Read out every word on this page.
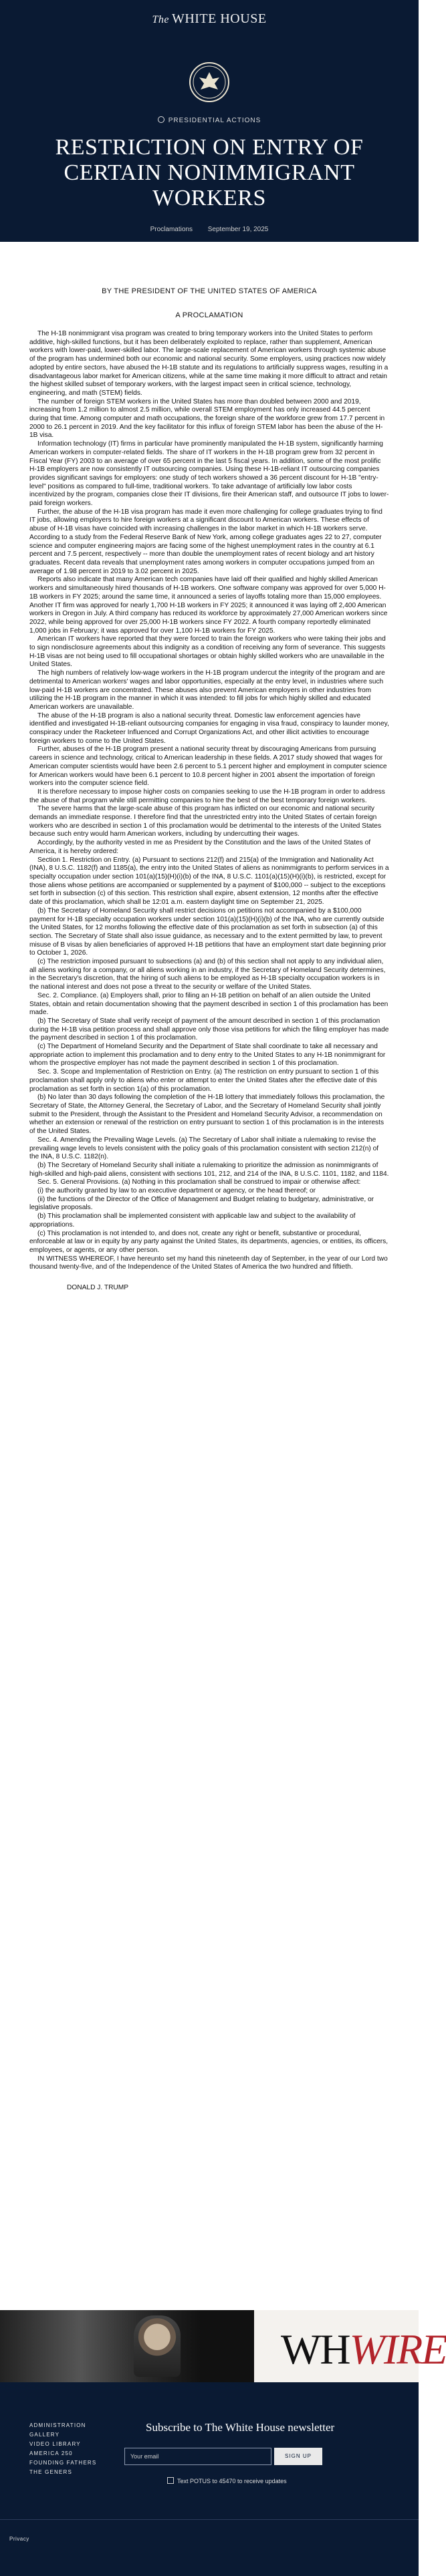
The WHITE HOUSE
PRESIDENTIAL ACTIONS
RESTRICTION ON ENTRY OF
CERTAIN NONIMMIGRANT WORKERS
Proclamations September 19, 2025
BY THE PRESIDENT OF THE UNITED STATES OF AMERICA
A PROCLAMATION

The H-1B nonimmigrant visa program was created to bring temporary workers into the United States to perform additive, high-skilled functions, but it has been deliberately exploited to replace, rather than supplement, American workers with lower-paid, lower-skilled labor. The large-scale replacement of American workers through systemic abuse of the program has undermined both our economic and national security. Some employers, using practices now widely adopted by entire sectors, have abused the H-1B statute and its regulations to artificially suppress wages, resulting in a disadvantageous labor market for American citizens, while at the same time making it more difficult to attract and retain the highest skilled subset of temporary workers, with the largest impact seen in critical science, technology, engineering, and math (STEM) fields.

The number of foreign STEM workers in the United States has more than doubled between 2000 and 2019, increasing from 1.2 million to almost 2.5 million, while overall STEM employment has only increased 44.5 percent during that time. Among computer and math occupations, the foreign share of the workforce grew from 17.7 percent in 2000 to 26.1 percent in 2019. And the key facilitator for this influx of foreign STEM labor has been the abuse of the H-1B visa.

Information technology (IT) firms in particular have prominently manipulated the H-1B system, significantly harming American workers in computer-related fields. The share of IT workers in the H-1B program grew from 32 percent in Fiscal Year (FY) 2003 to an average of over 65 percent in the last 5 fiscal years. In addition, some of the most prolific H-1B employers are now consistently IT outsourcing companies. Using these H-1B-reliant IT outsourcing companies provides significant savings for employers: one study of tech workers showed a 36 percent discount for H-1B "entry-level" positions as compared to full-time, traditional workers. To take advantage of artificially low labor costs incentivized by the program, companies close their IT divisions, fire their American staff, and outsource IT jobs to lower-paid foreign workers.

Further, the abuse of the H-1B visa program has made it even more challenging for college graduates trying to find IT jobs, allowing employers to hire foreign workers at a significant discount to American workers. These effects of abuse of H-1B visas have coincided with increasing challenges in the labor market in which H-1B workers serve. According to a study from the Federal Reserve Bank of New York, among college graduates ages 22 to 27, computer science and computer engineering majors are facing some of the highest unemployment rates in the country at 6.1 percent and 7.5 percent, respectively -- more than double the unemployment rates of recent biology and art history graduates. Recent data reveals that unemployment rates among workers in computer occupations jumped from an average of 1.98 percent in 2019 to 3.02 percent in 2025.

Reports also indicate that many American tech companies have laid off their qualified and highly skilled American workers and simultaneously hired thousands of H-1B workers. One software company was approved for over 5,000 H-1B workers in FY 2025; around the same time, it announced a series of layoffs totaling more than 15,000 employees. Another IT firm was approved for nearly 1,700 H-1B workers in FY 2025; it announced it was laying off 2,400 American workers in Oregon in July. A third company has reduced its workforce by approximately 27,000 American workers since 2022, while being approved for over 25,000 H-1B workers since FY 2022. A fourth company reportedly eliminated 1,000 jobs in February; it was approved for over 1,100 H-1B workers for FY 2025.

American IT workers have reported that they were forced to train the foreign workers who were taking their jobs and to sign nondisclosure agreements about this indignity as a condition of receiving any form of severance. This suggests H-1B visas are not being used to fill occupational shortages or obtain highly skilled workers who are unavailable in the United States.

The high numbers of relatively low-wage workers in the H-1B program undercut the integrity of the program and are detrimental to American workers' wages and labor opportunities, especially at the entry level, in industries where such low-paid H-1B workers are concentrated. These abuses also prevent American employers in other industries from utilizing the H-1B program in the manner in which it was intended: to fill jobs for which highly skilled and educated American workers are unavailable.

The abuse of the H-1B program is also a national security threat. Domestic law enforcement agencies have identified and investigated H-1B-reliant outsourcing companies for engaging in visa fraud, conspiracy to launder money, conspiracy under the Racketeer Influenced and Corrupt Organizations Act, and other illicit activities to encourage foreign workers to come to the United States.

Further, abuses of the H-1B program present a national security threat by discouraging Americans from pursuing careers in science and technology, critical to American leadership in these fields. A 2017 study showed that wages for American computer scientists would have been 2.6 percent to 5.1 percent higher and employment in computer science for American workers would have been 6.1 percent to 10.8 percent higher in 2001 absent the importation of foreign workers into the computer science field.

It is therefore necessary to impose higher costs on companies seeking to use the H-1B program in order to address the abuse of that program while still permitting companies to hire the best of the best temporary foreign workers.

The severe harms that the large-scale abuse of this program has inflicted on our economic and national security demands an immediate response. I therefore find that the unrestricted entry into the United States of certain foreign workers who are described in section 1 of this proclamation would be detrimental to the interests of the United States because such entry would harm American workers, including by undercutting their wages.

Accordingly, by the authority vested in me as President by the Constitution and the laws of the United States of America, it is hereby ordered:

Section 1. Restriction on Entry. (a) Pursuant to sections 212(f) and 215(a) of the Immigration and Nationality Act (INA), 8 U.S.C. 1182(f) and 1185(a), the entry into the United States of aliens as nonimmigrants to perform services in a specialty occupation under section 101(a)(15)(H)(i)(b) of the INA, 8 U.S.C. 1101(a)(15)(H)(i)(b), is restricted, except for those aliens whose petitions are accompanied or supplemented by a payment of $100,000 -- subject to the exceptions set forth in subsection (c) of this section. This restriction shall expire, absent extension, 12 months after the effective date of this proclamation, which shall be 12:01 a.m. eastern daylight time on September 21, 2025.

(b) The Secretary of Homeland Security shall restrict decisions on petitions not accompanied by a $100,000 payment for H-1B specialty occupation workers under section 101(a)(15)(H)(i)(b) of the INA, who are currently outside the United States, for 12 months following the effective date of this proclamation as set forth in subsection (a) of this section. The Secretary of State shall also issue guidance, as necessary and to the extent permitted by law, to prevent misuse of B visas by alien beneficiaries of approved H-1B petitions that have an employment start date beginning prior to October 1, 2026.

(c) The restriction imposed pursuant to subsections (a) and (b) of this section shall not apply to any individual alien, all aliens working for a company, or all aliens working in an industry, if the Secretary of Homeland Security determines, in the Secretary's discretion, that the hiring of such aliens to be employed as H-1B specialty occupation workers is in the national interest and does not pose a threat to the security or welfare of the United States.

Sec. 2. Compliance. (a) Employers shall, prior to filing an H-1B petition on behalf of an alien outside the United States, obtain and retain documentation showing that the payment described in section 1 of this proclamation has been made.

(b) The Secretary of State shall verify receipt of payment of the amount described in section 1 of this proclamation during the H-1B visa petition process and shall approve only those visa petitions for which the filing employer has made the payment described in section 1 of this proclamation.

(c) The Department of Homeland Security and the Department of State shall coordinate to take all necessary and appropriate action to implement this proclamation and to deny entry to the United States to any H-1B nonimmigrant for whom the prospective employer has not made the payment described in section 1 of this proclamation.

Sec. 3. Scope and Implementation of Restriction on Entry. (a) The restriction on entry pursuant to section 1 of this proclamation shall apply only to aliens who enter or attempt to enter the United States after the effective date of this proclamation as set forth in section 1(a) of this proclamation.

(b) No later than 30 days following the completion of the H-1B lottery that immediately follows this proclamation, the Secretary of State, the Attorney General, the Secretary of Labor, and the Secretary of Homeland Security shall jointly submit to the President, through the Assistant to the President and Homeland Security Advisor, a recommendation on whether an extension or renewal of the restriction on entry pursuant to section 1 of this proclamation is in the interests of the United States.

Sec. 4. Amending the Prevailing Wage Levels. (a) The Secretary of Labor shall initiate a rulemaking to revise the prevailing wage levels to levels consistent with the policy goals of this proclamation consistent with section 212(n) of the INA, 8 U.S.C. 1182(n).

(b) The Secretary of Homeland Security shall initiate a rulemaking to prioritize the admission as nonimmigrants of high-skilled and high-paid aliens, consistent with sections 101, 212, and 214 of the INA, 8 U.S.C. 1101, 1182, and 1184.

Sec. 5. General Provisions. (a) Nothing in this proclamation shall be construed to impair or otherwise affect:

(i) the authority granted by law to an executive department or agency, or the head thereof; or

(ii) the functions of the Director of the Office of Management and Budget relating to budgetary, administrative, or legislative proposals.

(b) This proclamation shall be implemented consistent with applicable law and subject to the availability of appropriations.

(c) This proclamation is not intended to, and does not, create any right or benefit, substantive or procedural, enforceable at law or in equity by any party against the United States, its departments, agencies, or entities, its officers, employees, or agents, or any other person.

IN WITNESS WHEREOF, I have hereunto set my hand this nineteenth day of September, in the year of our Lord two thousand twenty-five, and of the Independence of the United States of America the two hundred and fiftieth.

DONALD J. TRUMP
WHWIRE
ADMINISTRATION
GALLERY
VIDEO LIBRARY
AMERICA 250
FOUNDING FATHERS
THE GENERS
Subscribe to The White House newsletter
Your email	SIGN UP
Text POTUS to 45470 to receive updates
Privacy
